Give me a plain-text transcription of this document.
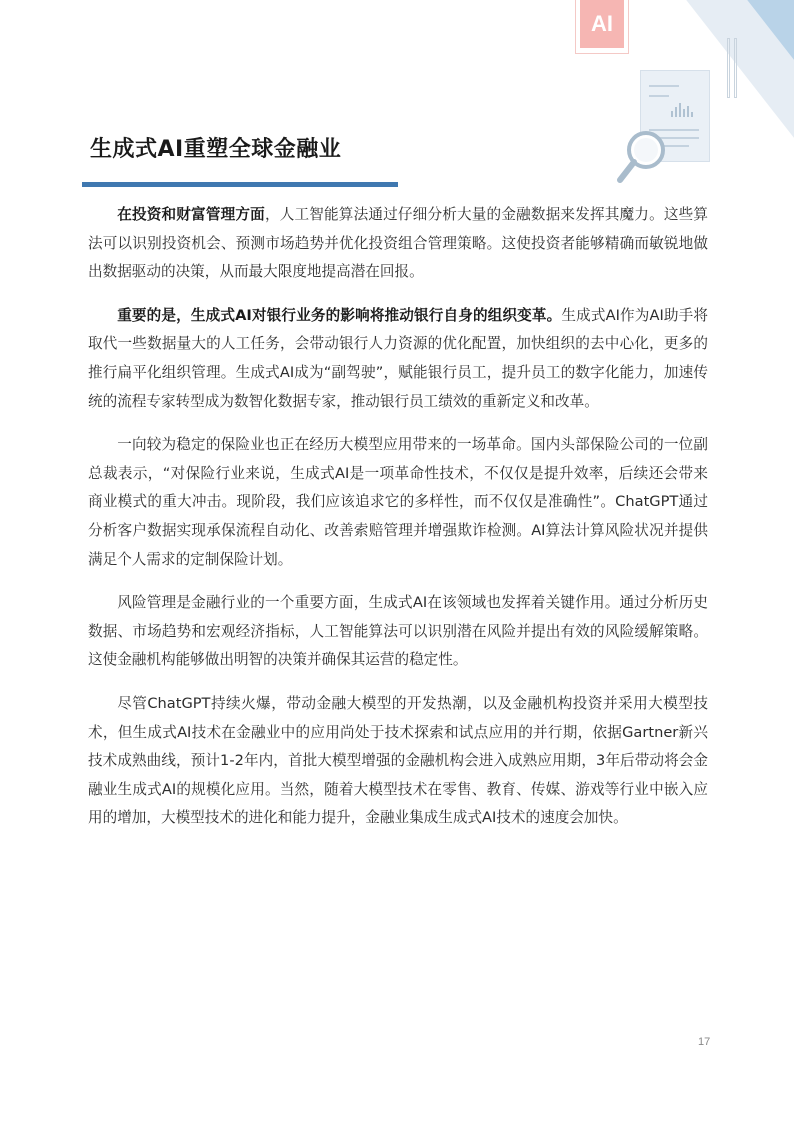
AI
生成式AI重塑全球金融业

在投资和财富管理方面，人工智能算法通过仔细分析大量的金融数据来发挥其魔力。这些算法可以识别投资机会、预测市场趋势并优化投资组合管理策略。这使投资者能够精确而敏锐地做出数据驱动的决策，从而最大限度地提高潜在回报。

重要的是，生成式AI对银行业务的影响将推动银行自身的组织变革。生成式AI作为AI助手将取代一些数据量大的人工任务，会带动银行人力资源的优化配置，加快组织的去中心化，更多的推行扁平化组织管理。生成式AI成为“副驾驶”，赋能银行员工，提升员工的数字化能力，加速传统的流程专家转型成为数智化数据专家，推动银行员工绩效的重新定义和改革。

一向较为稳定的保险业也正在经历大模型应用带来的一场革命。国内头部保险公司的一位副总裁表示，“对保险行业来说，生成式AI是一项革命性技术，不仅仅是提升效率，后续还会带来商业模式的重大冲击。现阶段，我们应该追求它的多样性，而不仅仅是准确性”。ChatGPT通过分析客户数据实现承保流程自动化、改善索赔管理并增强欺诈检测。AI算法计算风险状况并提供满足个人需求的定制保险计划。

风险管理是金融行业的一个重要方面，生成式AI在该领域也发挥着关键作用。通过分析历史数据、市场趋势和宏观经济指标，人工智能算法可以识别潜在风险并提出有效的风险缓解策略。这使金融机构能够做出明智的决策并确保其运营的稳定性。

尽管ChatGPT持续火爆，带动金融大模型的开发热潮，以及金融机构投资并采用大模型技术，但生成式AI技术在金融业中的应用尚处于技术探索和试点应用的并行期，依据Gartner新兴技术成熟曲线，预计1-2年内，首批大模型增强的金融机构会进入成熟应用期，3年后带动将会金融业生成式AI的规模化应用。当然，随着大模型技术在零售、教育、传媒、游戏等行业中嵌入应用的增加，大模型技术的进化和能力提升，金融业集成生成式AI技术的速度会加快。

17
